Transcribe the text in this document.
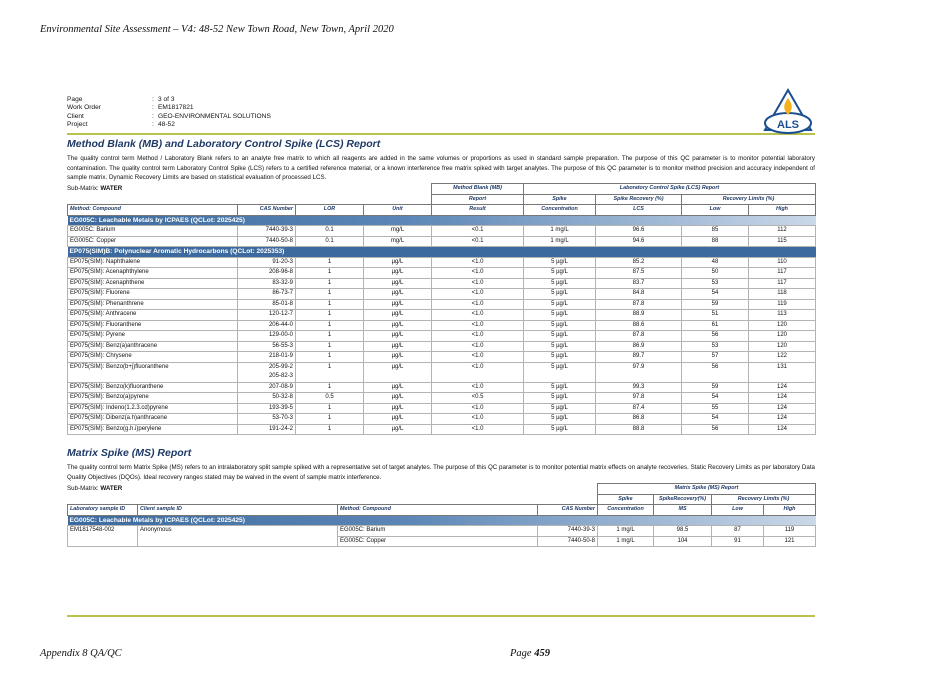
Environmental Site Assessment – V4: 48-52 New Town Road, New Town, April 2020
Page	: 3 of 3
Work Order	: EM1817821
Client	: GEO-ENVIRONMENTAL SOLUTIONS
Project	: 48-52	ALS
Method Blank (MB) and Laboratory Control Spike (LCS) Report
The quality control term Method / Laboratory Blank refers to an analyte free matrix to which all reagents are added in the same volumes or proportions as used in standard sample preparation. The purpose of this QC parameter is to monitor potential laboratory contamination. The quality control term Laboratory Control Spike (LCS) refers to a certified reference material, or a known interference free matrix spiked with target analytes. The purpose of this QC parameter is to monitor method precision and accuracy independent of sample matrix. Dynamic Recovery Limits are based on statistical evaluation of processed LCS.
Sub-Matrix: WATER
				Method Blank (MB)	Laboratory Control Spike (LCS) Report			
				Report	Spike	Spike Recovery (%)	Recovery Limits (%)	
Method: Compound	CAS Number	LOR	Unit	Result	Concentration	LCS	Low	High
EG005C: Leachable Metals by ICPAES (QCLot: 2025425)								
EG005C: Barium	7440-39-3	0.1	mg/L	<0.1	1 mg/L	96.6	85	112
EG005C: Copper	7440-50-8	0.1	mg/L	<0.1	1 mg/L	94.6	88	115
EP075(SIM)B: Polynuclear Aromatic Hydrocarbons (QCLot: 2025353)								
EP075(SIM): Naphthalene	91-20-3	1	µg/L	<1.0	5 µg/L	85.2	48	110
EP075(SIM): Acenaphthylene	208-96-8	1	µg/L	<1.0	5 µg/L	87.5	50	117
EP075(SIM): Acenaphthene	83-32-9	1	µg/L	<1.0	5 µg/L	83.7	53	117
EP075(SIM): Fluorene	86-73-7	1	µg/L	<1.0	5 µg/L	84.8	54	118
EP075(SIM): Phenanthrene	85-01-8	1	µg/L	<1.0	5 µg/L	87.8	59	119
EP075(SIM): Anthracene	120-12-7	1	µg/L	<1.0	5 µg/L	88.9	51	113
EP075(SIM): Fluoranthene	206-44-0	1	µg/L	<1.0	5 µg/L	88.6	61	120
EP075(SIM): Pyrene	129-00-0	1	µg/L	<1.0	5 µg/L	87.8	56	120
EP075(SIM): Benz(a)anthracene	56-55-3	1	µg/L	<1.0	5 µg/L	86.9	53	120
EP075(SIM): Chrysene	218-01-9	1	µg/L	<1.0	5 µg/L	89.7	57	122
EP075(SIM): Benzo(b+j)fluoranthene	205-99-2
205-82-3	1	µg/L	<1.0	5 µg/L	97.9	56	131
EP075(SIM): Benzo(k)fluoranthene	207-08-9	1	µg/L	<1.0	5 µg/L	99.3	59	124
EP075(SIM): Benzo(a)pyrene	50-32-8	0.5	µg/L	<0.5	5 µg/L	97.8	54	124
EP075(SIM): Indeno(1.2.3.cd)pyrene	193-39-5	1	µg/L	<1.0	5 µg/L	87.4	55	124
EP075(SIM): Dibenz(a.h)anthracene	53-70-3	1	µg/L	<1.0	5 µg/L	86.8	54	124
EP075(SIM): Benzo(g.h.i)perylene	191-24-2	1	µg/L	<1.0	5 µg/L	88.8	56	124
Matrix Spike (MS) Report
The quality control term Matrix Spike (MS) refers to an intralaboratory split sample spiked with a representative set of target analytes. The purpose of this QC parameter is to monitor potential matrix effects on analyte recoveries. Static Recovery Limits as per laboratory Data Quality Objectives (DQOs). Ideal recovery ranges stated may be waived in the event of sample matrix interference.
Sub-Matrix: WATER
				Matrix Spike (MS) Report			
				Spike	SpikeRecovery(%)	Recovery Limits (%)	
Laboratory sample ID	Client sample ID	Method: Compound	CAS Number	Concentration	MS	Low	High
EG005C: Leachable Metals by ICPAES (QCLot: 2025425)							
EM1817548-002	Anonymous	EG005C: Barium	7440-39-3	1 mg/L	98.5	87	119
		EG005C: Copper	7440-50-8	1 mg/L	104	91	121
Appendix 8 QA/QC	Page 459
